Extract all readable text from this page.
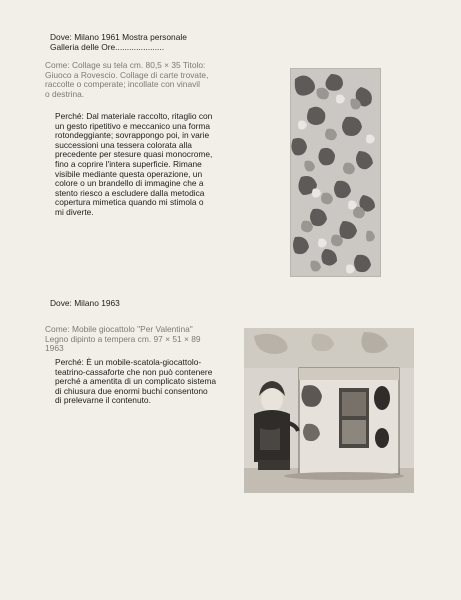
Dove: Milano 1961 Mostra personale
Galleria delle Ore.....................
Come: Collage su tela cm. 80,5 × 35 Titolo:
Giuoco a Rovescio. Collage di carte trovate,
raccolte o comperate; incollate con vinavil
o destrina.
Perché: Dal materiale raccolto, ritaglio con
un gesto ripetitivo e meccanico una forma
rotondeggiante; sovrappongo poi, in varie
successioni una tessera colorata alla
precedente per stesure quasi monocrome,
fino a coprire l'intera superficie. Rimane
visibile mediante questa operazione, un
colore o un brandello di immagine che a
stento riesco a escludere dalla metodica
copertura mimetica quando mi stimola o
mi diverte.
Dove: Milano 1963
Come: Mobile giocattolo "Per Valentina"
Legno dipinto a tempera cm. 97 × 51 × 89
1963
Perché: È un mobile-scatola-giocattolo-
teatrino-cassaforte che non può contenere
perché a amentita di un complicato sistema
di chiusura due enormi buchi consentono
di prelevarne il contenuto.
